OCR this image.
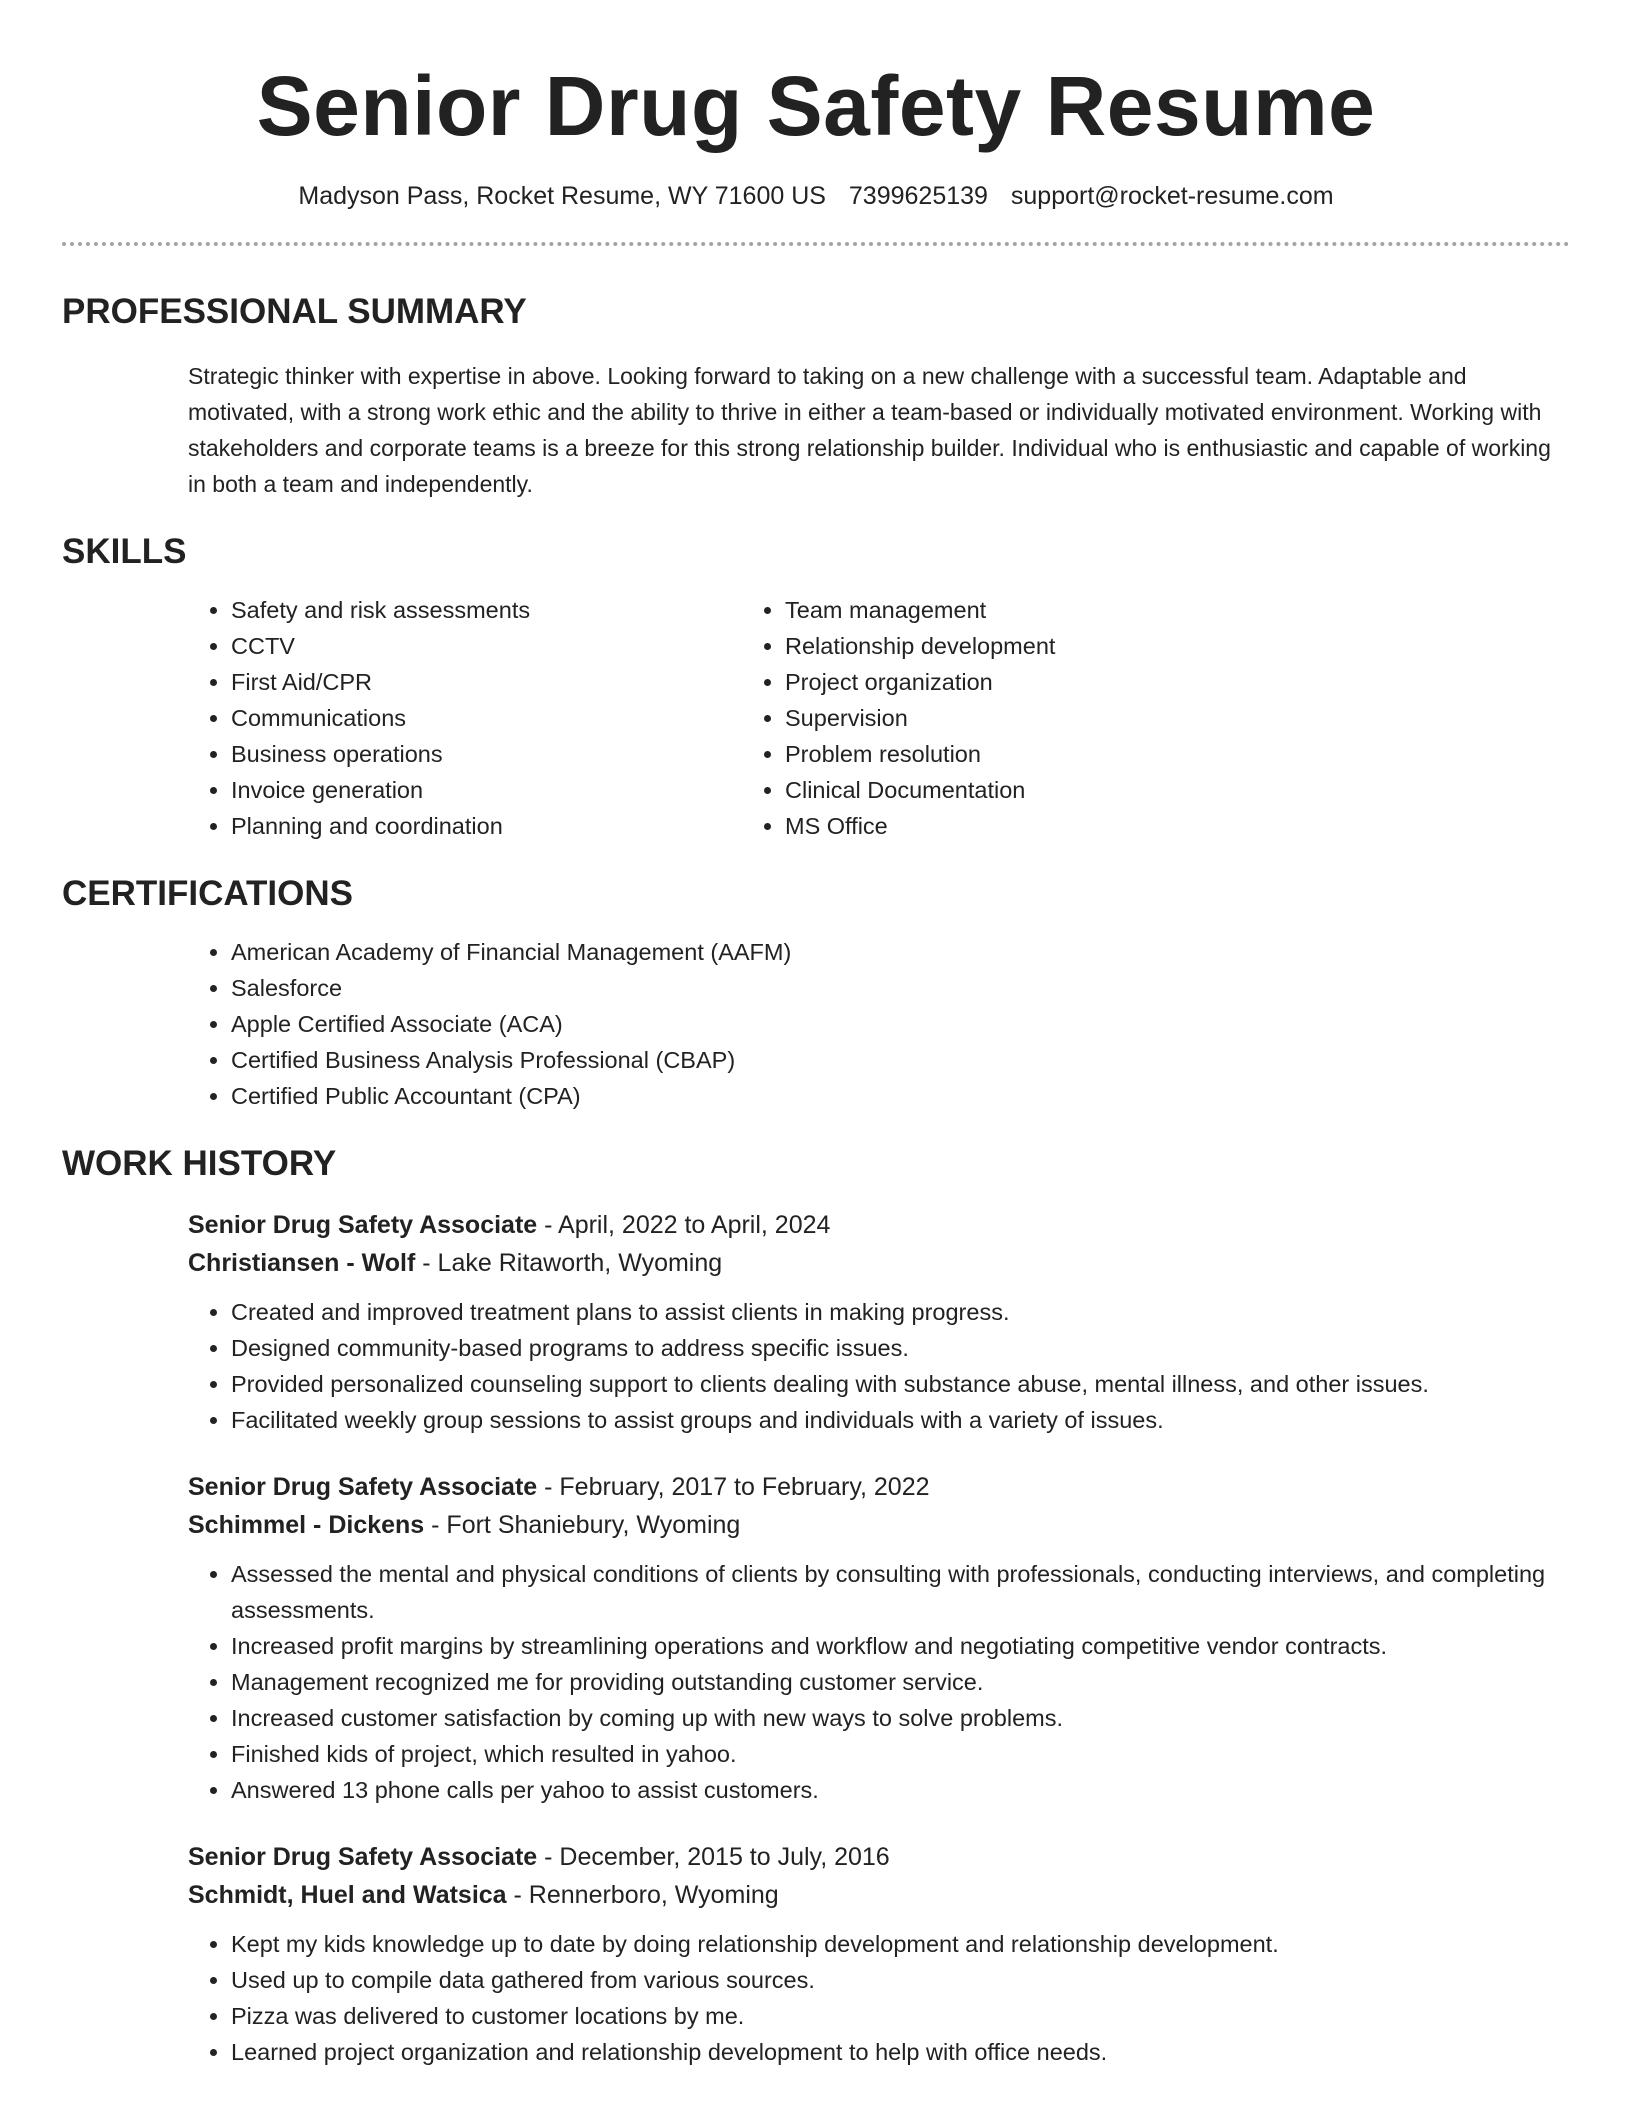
Senior Drug Safety Resume
Madyson Pass, Rocket Resume, WY 71600 US 7399625139 support@rocket-resume.com
PROFESSIONAL SUMMARY

Strategic thinker with expertise in above. Looking forward to taking on a new challenge with a successful team. Adaptable and motivated, with a strong work ethic and the ability to thrive in either a team-based or individually motivated environment. Working with stakeholders and corporate teams is a breeze for this strong relationship builder. Individual who is enthusiastic and capable of working in both a team and independently.

SKILLS
• Safety and risk assessments
• CCTV
• First Aid/CPR
• Communications
• Business operations
• Invoice generation
• Planning and coordination
• Team management
• Relationship development
• Project organization
• Supervision
• Problem resolution
• Clinical Documentation
• MS Office
CERTIFICATIONS
• American Academy of Financial Management (AAFM)
• Salesforce
• Apple Certified Associate (ACA)
• Certified Business Analysis Professional (CBAP)
• Certified Public Accountant (CPA)
WORK HISTORY
Senior Drug Safety Associate - April, 2022 to April, 2024
Christiansen - Wolf - Lake Ritaworth, Wyoming
• Created and improved treatment plans to assist clients in making progress.
• Designed community-based programs to address specific issues.
• Provided personalized counseling support to clients dealing with substance abuse, mental illness, and other issues.
• Facilitated weekly group sessions to assist groups and individuals with a variety of issues.
Senior Drug Safety Associate - February, 2017 to February, 2022
Schimmel - Dickens - Fort Shaniebury, Wyoming
• Assessed the mental and physical conditions of clients by consulting with professionals, conducting interviews, and completing assessments.
• Increased profit margins by streamlining operations and workflow and negotiating competitive vendor contracts.
• Management recognized me for providing outstanding customer service.
• Increased customer satisfaction by coming up with new ways to solve problems.
• Finished kids of project, which resulted in yahoo.
• Answered 13 phone calls per yahoo to assist customers.
Senior Drug Safety Associate - December, 2015 to July, 2016
Schmidt, Huel and Watsica - Rennerboro, Wyoming
• Kept my kids knowledge up to date by doing relationship development and relationship development.
• Used up to compile data gathered from various sources.
• Pizza was delivered to customer locations by me.
• Learned project organization and relationship development to help with office needs.
